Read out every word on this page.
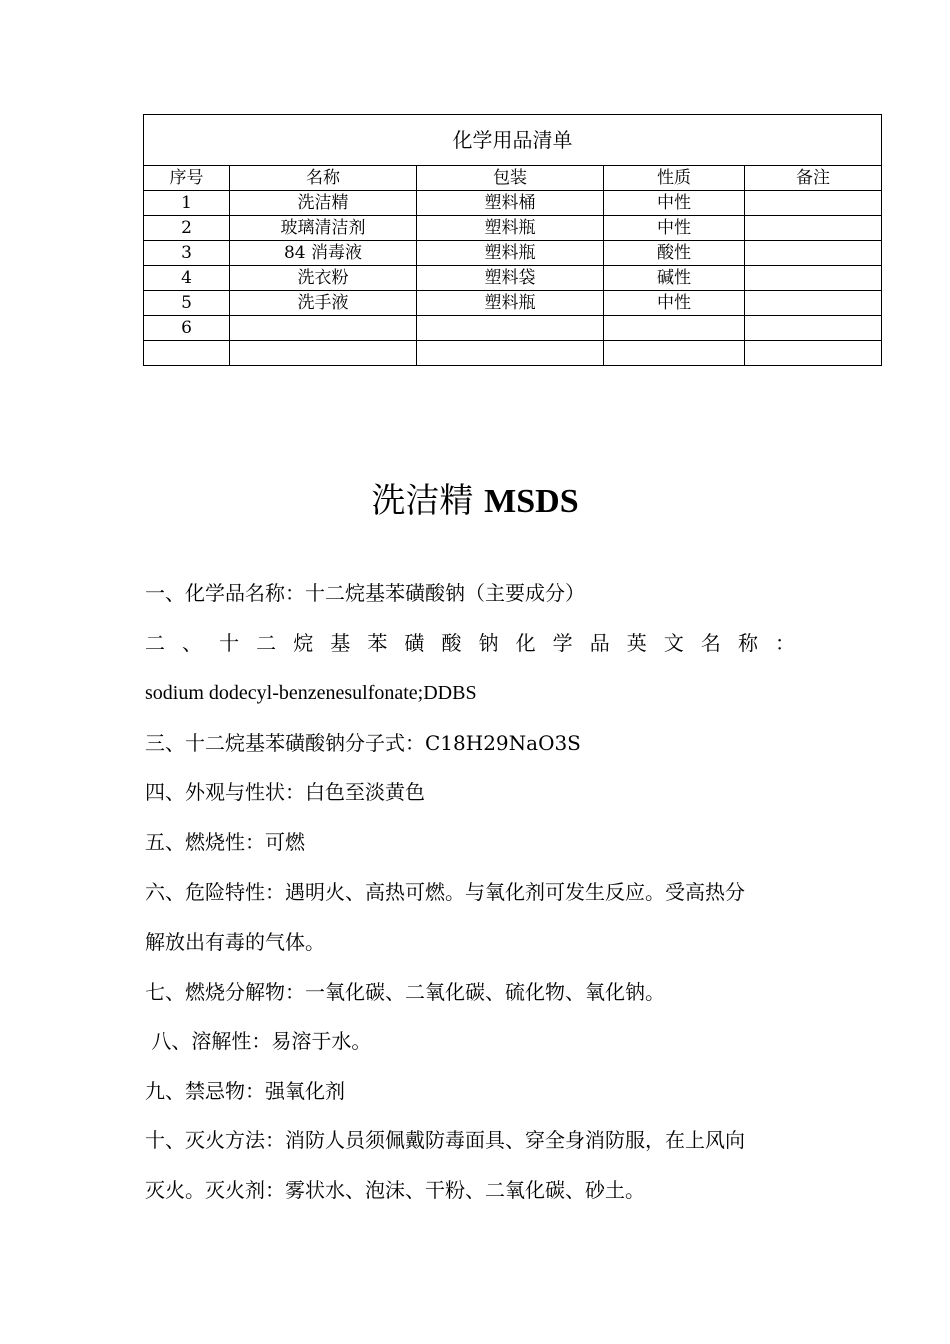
化学用品清单				
序号	名称	包装	性质	备注
1	洗洁精	塑料桶	中性	
2	玻璃清洁剂	塑料瓶	中性	
3	84 消毒液	塑料瓶	酸性	
4	洗衣粉	塑料袋	碱性	
5	洗手液	塑料瓶	中性	
6				

洗洁精 MSDS
一、化学品名称：十二烷基苯磺酸钠（主要成分）
二、十二烷基苯磺酸钠化学品英文名称：
sodium dodecyl-benzenesulfonate;DDBS
三、十二烷基苯磺酸钠分子式：C18H29NaO3S
四、外观与性状：白色至淡黄色
五、燃烧性：可燃
六、危险特性：遇明火、高热可燃。与氧化剂可发生反应。受高热分
解放出有毒的气体。
七、燃烧分解物：一氧化碳、二氧化碳、硫化物、氧化钠。
八、溶解性：易溶于水。
九、禁忌物：强氧化剂
十、灭火方法：消防人员须佩戴防毒面具、穿全身消防服，在上风向
灭火。灭火剂：雾状水、泡沫、干粉、二氧化碳、砂土。
